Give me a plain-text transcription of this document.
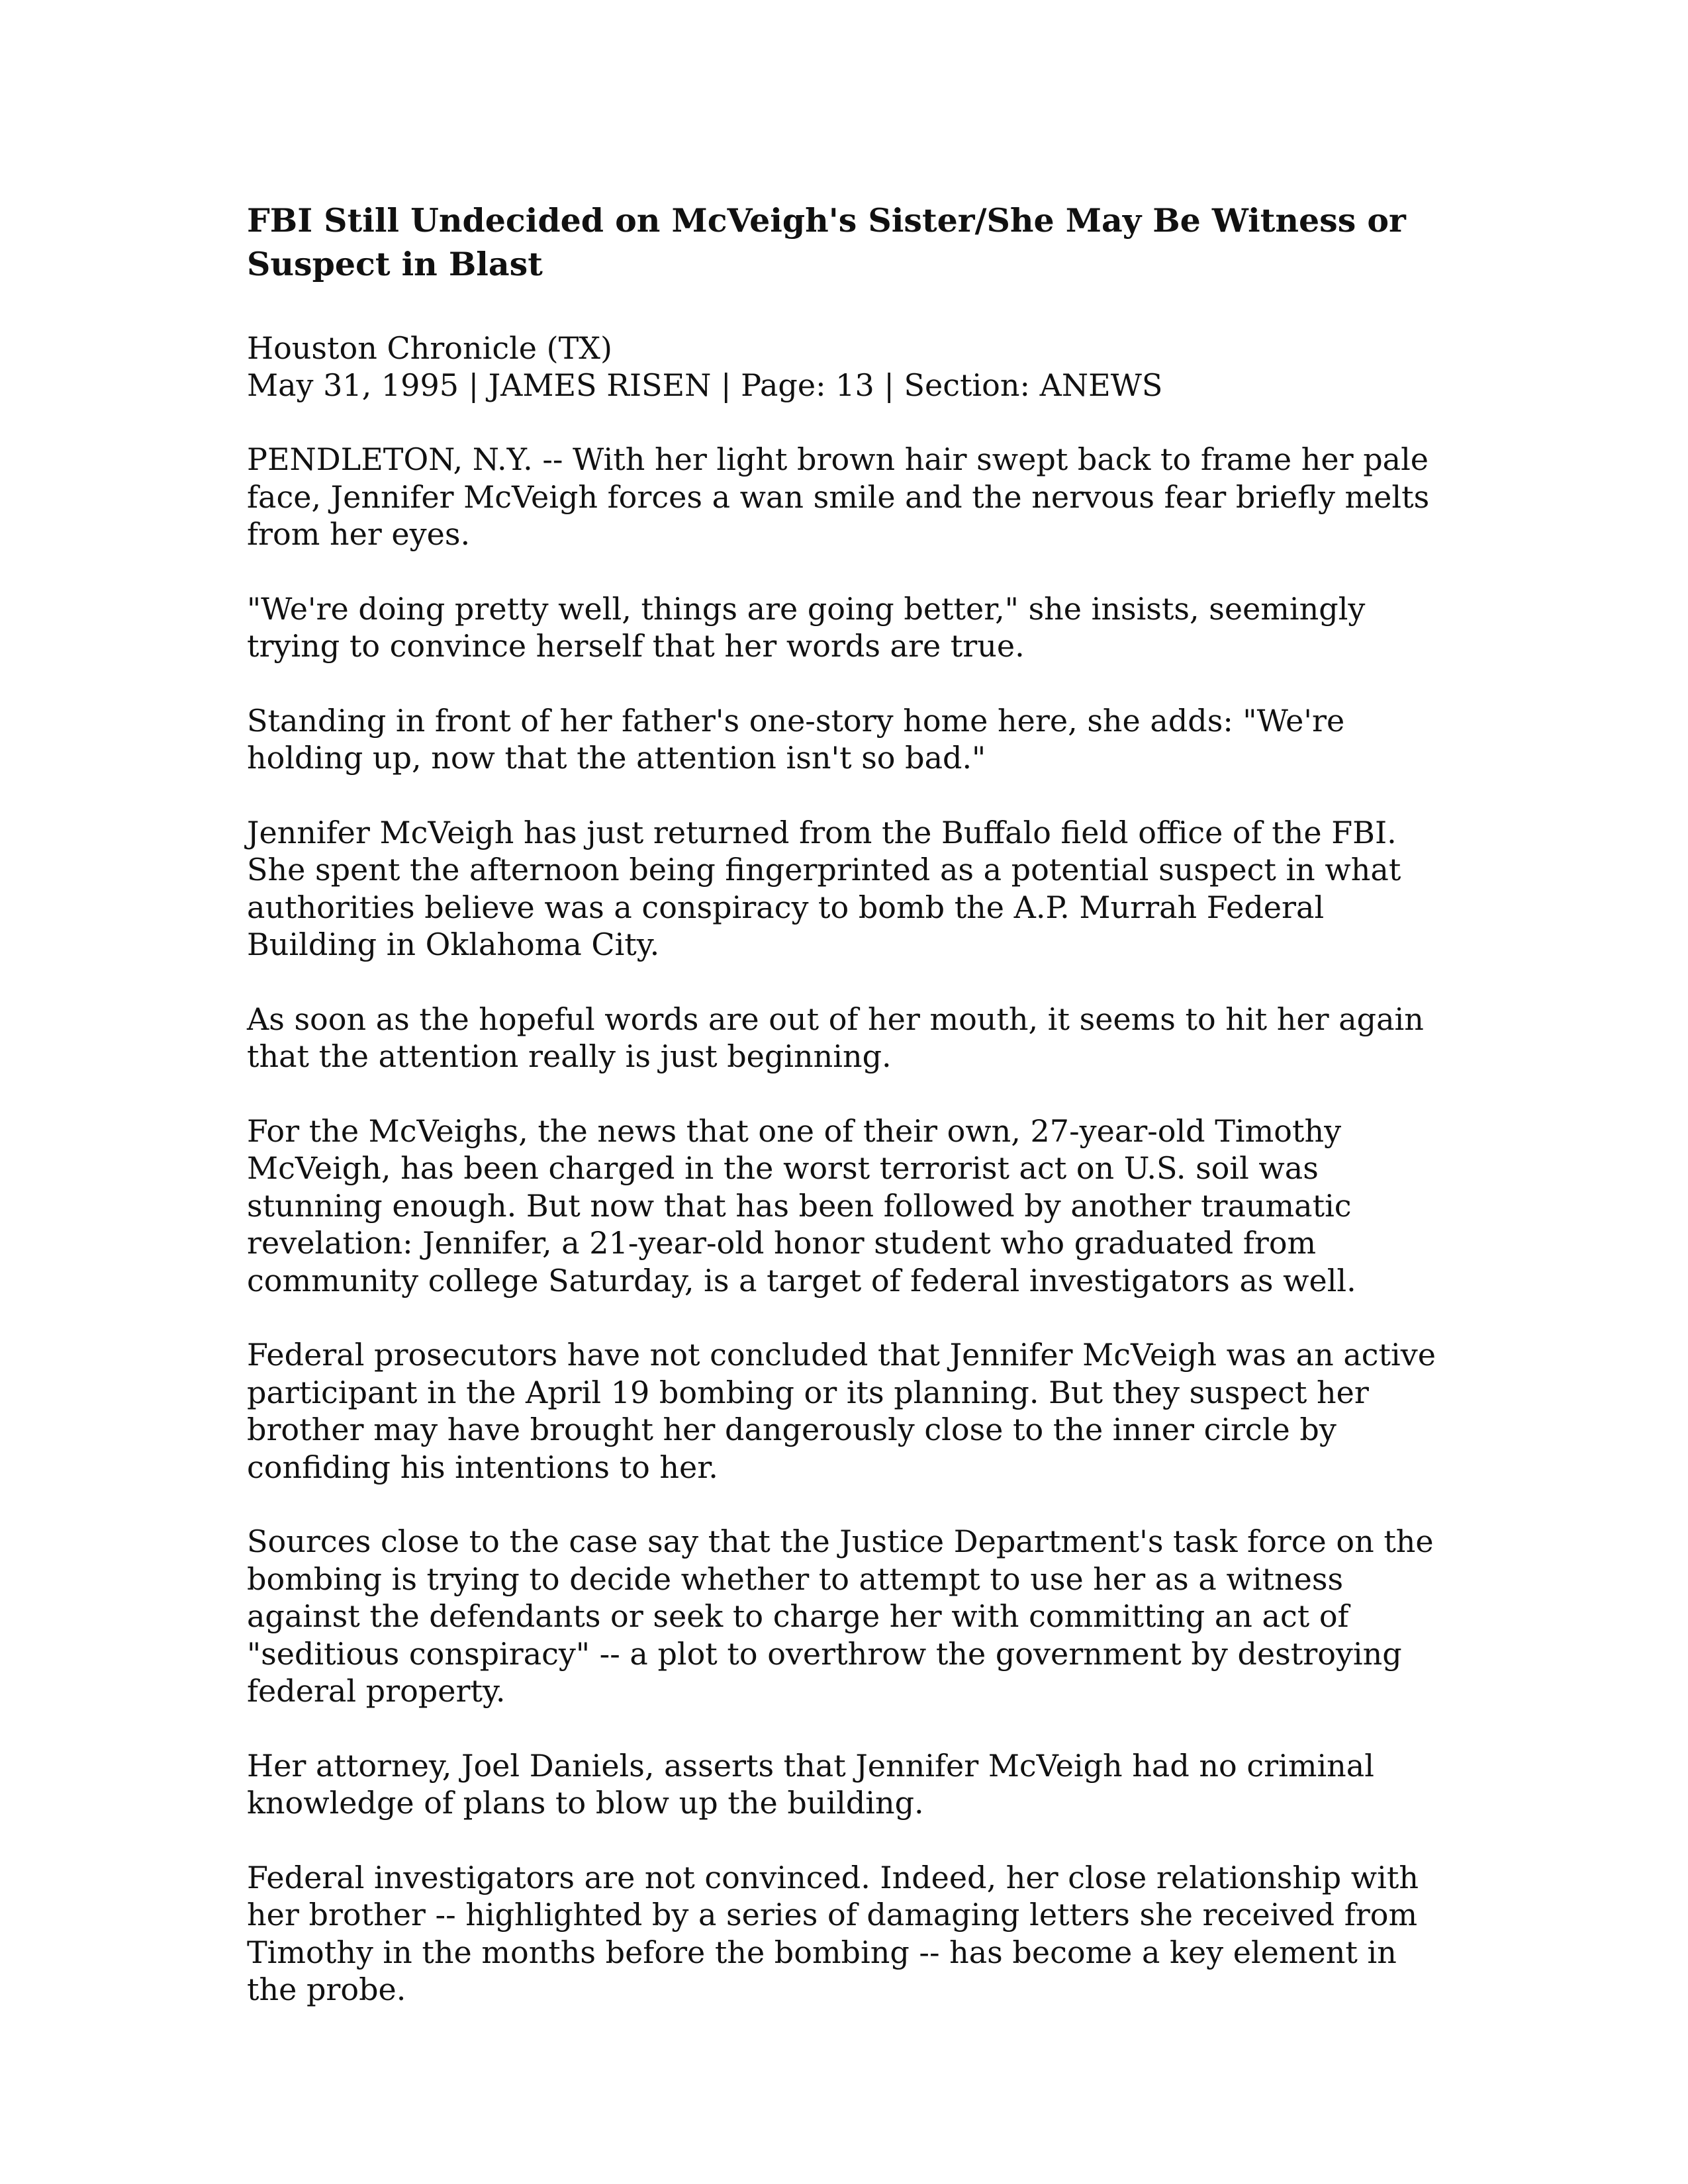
FBI Still Undecided on McVeigh's Sister/She May Be Witness or Suspect in Blast
Houston Chronicle (TX)
May 31, 1995 | JAMES RISEN | Page: 13 | Section: ANEWS

PENDLETON, N.Y. -- With her light brown hair swept back to frame her pale face, Jennifer McVeigh forces a wan smile and the nervous fear briefly melts from her eyes.

"We're doing pretty well, things are going better," she insists, seemingly trying to convince herself that her words are true.

Standing in front of her father's one-story home here, she adds: "We're holding up, now that the attention isn't so bad."

Jennifer McVeigh has just returned from the Buffalo field office of the FBI. She spent the afternoon being fingerprinted as a potential suspect in what authorities believe was a conspiracy to bomb the A.P. Murrah Federal Building in Oklahoma City.

As soon as the hopeful words are out of her mouth, it seems to hit her again that the attention really is just beginning.

For the McVeighs, the news that one of their own, 27-year-old Timothy McVeigh, has been charged in the worst terrorist act on U.S. soil was stunning enough. But now that has been followed by another traumatic revelation: Jennifer, a 21-year-old honor student who graduated from community college Saturday, is a target of federal investigators as well.

Federal prosecutors have not concluded that Jennifer McVeigh was an active participant in the April 19 bombing or its planning. But they suspect her brother may have brought her dangerously close to the inner circle by confiding his intentions to her.

Sources close to the case say that the Justice Department's task force on the bombing is trying to decide whether to attempt to use her as a witness against the defendants or seek to charge her with committing an act of "seditious conspiracy" -- a plot to overthrow the government by destroying federal property.

Her attorney, Joel Daniels, asserts that Jennifer McVeigh had no criminal knowledge of plans to blow up the building.

Federal investigators are not convinced. Indeed, her close relationship with her brother -- highlighted by a series of damaging letters she received from Timothy in the months before the bombing -- has become a key element in the probe.
